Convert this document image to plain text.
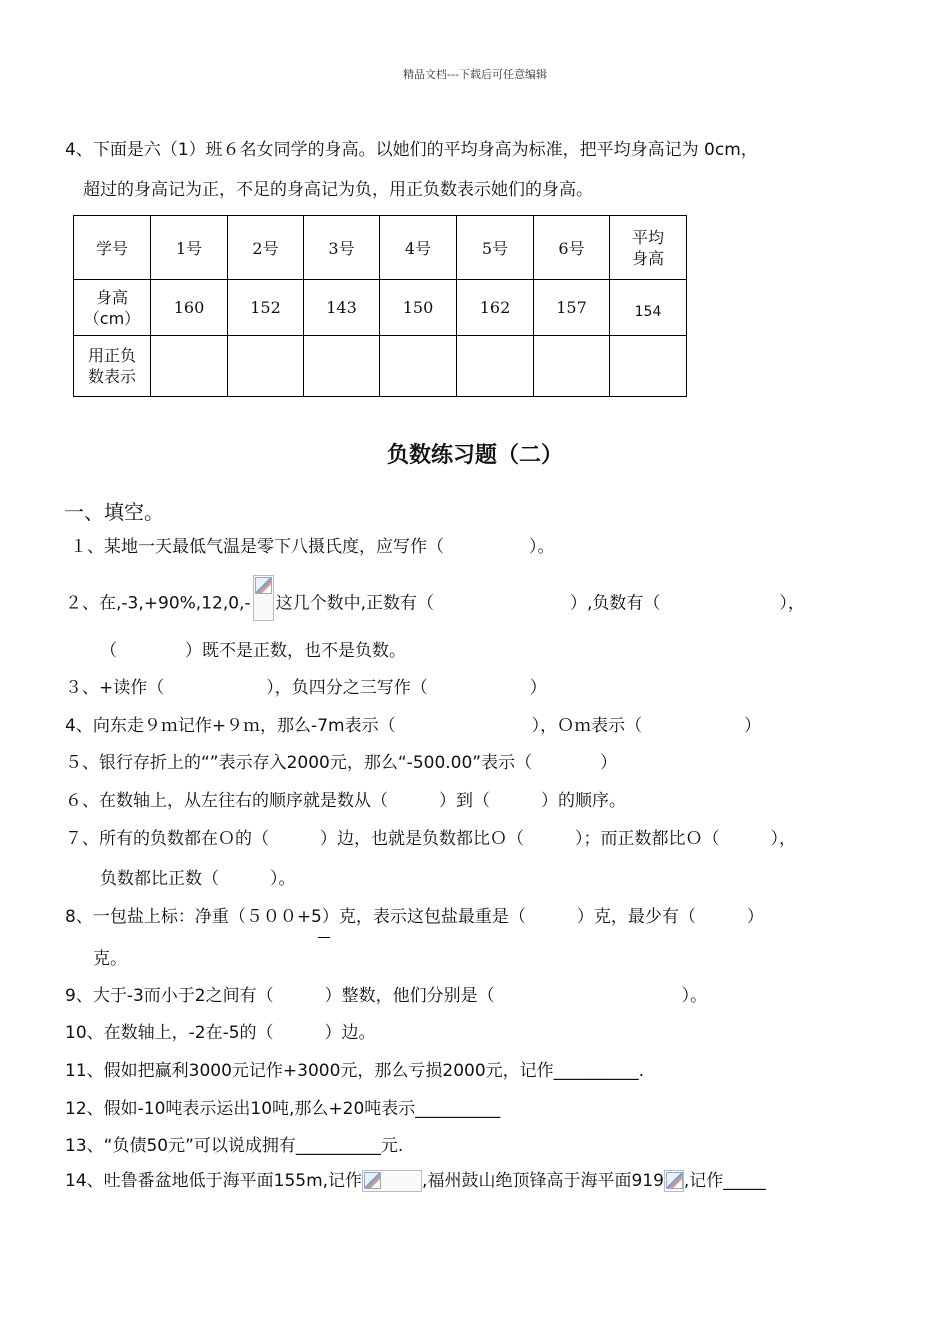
精品文档---下载后可任意编辑
4、下面是六（1）班６名女同学的身高。以她们的平均身高为标准，把平均身高记为 0cm，
超过的身高记为正，不足的身高记为负，用正负数表示她们的身高。
学号	1号	2号	3号	4号	5号	6号	平均
身高

身高
（cm）	160	152	143	150	162	157	154

用正负
数表示							

负数练习题（二）
一、填空。
１、某地一天最低气温是零下八摄氏度，应写作（　　　　　）。
２、在,-3,+90%,12,0,- 这几个数中,正数有（　　　　　　　　）,负数有（　　　　　　　），
（　　　　）既不是正数，也不是负数。
３、+读作（　　　　　　），负四分之三写作（　　　　　　）
4、向东走９ｍ记作+９ｍ，那么-7m表示（　　　　　　　　），Ｏｍ表示（　　　　　　）
５、银行存折上的“”表示存入2000元，那么“-500.00”表示（　　　　）
６、在数轴上，从左往右的顺序就是数从（　　　）到（　　　）的顺序。
７、所有的负数都在Ｏ的（　　　）边，也就是负数都比Ｏ（　　　）；而正数都比Ｏ（　　　），
负数都比正数（　　　）。
8、一包盐上标：净重（５００+5）克，表示这包盐最重是（　　　）克，最少有（　　　）
克。
9、大于-3而小于2之间有（　　　）整数，他们分别是（　　　　　　　　　　　）。
10、在数轴上，-2在-5的（　　　）边。
11、假如把赢利3000元记作+3000元，那么亏损2000元，记作__________.
12、假如-10吨表示运出10吨,那么+20吨表示__________
13、“负债50元”可以说成拥有__________元.
14、吐鲁番盆地低于海平面155m,记作	,福州鼓山绝顶锋高于海平面919 ,记作_____
